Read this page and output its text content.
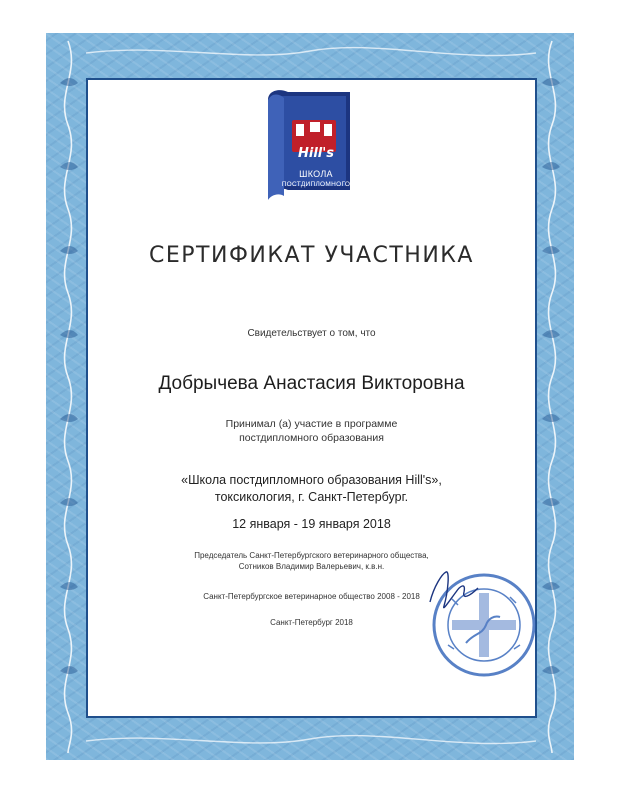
Hill's
ШКОЛА
ПОСТДИПЛОМНОГО
ОБРАЗОВАНИЯ
СЕРТИФИКАТ УЧАСТНИКА
Свидетельствует о том, что
Добрычева Анастасия Викторовна
Принимал (а) участие в программе постдипломного образования
«Школа постдипломного образования Hill's», токсикология, г. Санкт-Петербург.
12 января - 19 января 2018
Председатель Санкт-Петербургского ветеринарного общества, Сотников Владимир Валерьевич, к.в.н.
Санкт-Петербургское ветеринарное общество 2008 - 2018
Санкт-Петербург 2018
